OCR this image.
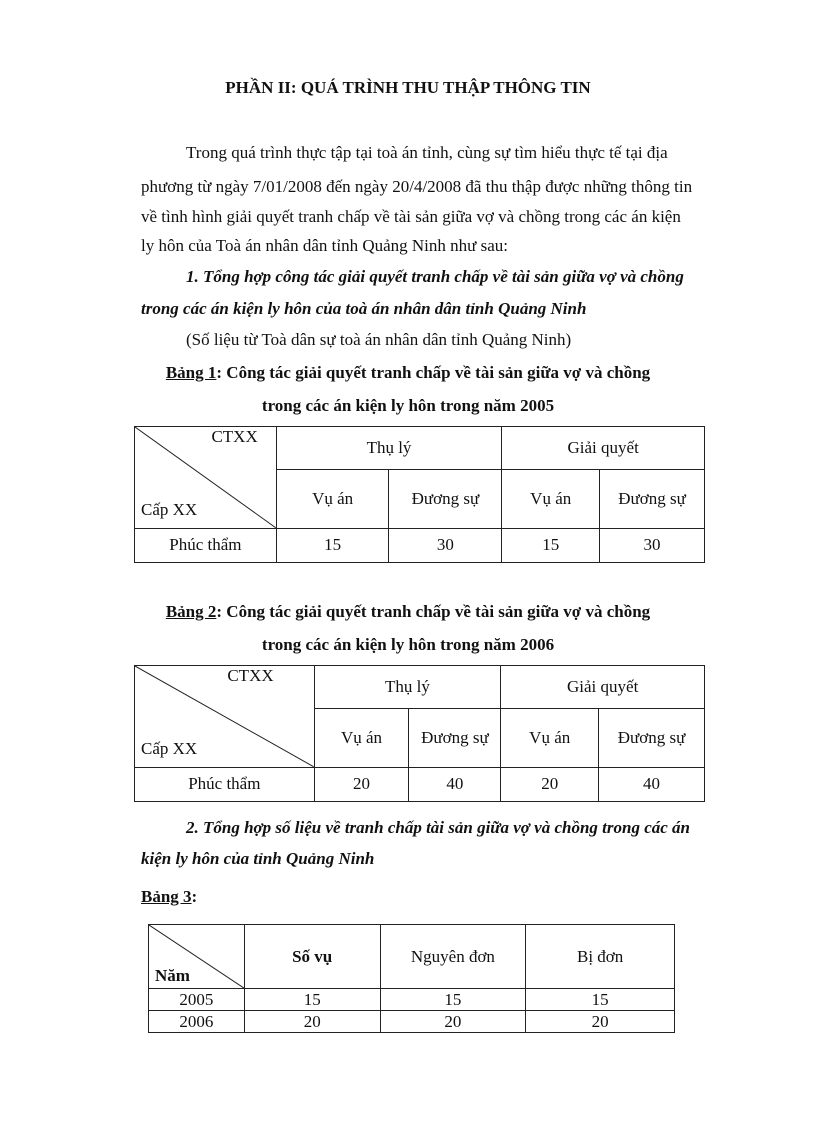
PHẦN II: QUÁ TRÌNH THU THẬP THÔNG TIN
Trong quá trình thực tập tại toà án tỉnh, cùng sự tìm hiểu thực tế tại địa
phương từ ngày 7/01/2008 đến ngày 20/4/2008 đã thu thập được những thông tin
về tình hình giải quyết tranh chấp về tài sản giữa vợ và chồng trong các án kiện
ly hôn của Toà án nhân dân tỉnh Quảng Ninh như sau:
1. Tổng hợp công tác giải quyết tranh chấp về tài sản giữa vợ và chồng
trong các án kiện ly hôn của toà án nhân dân tỉnh Quảng Ninh
(Số liệu từ Toà dân sự toà án nhân dân tỉnh Quảng Ninh)
Bảng 1: Công tác giải quyết tranh chấp về tài sản giữa vợ và chồng
trong các án kiện ly hôn trong năm 2005
CTXX
Cấp XX	Thụ lý		Giải quyết	
	Vụ án	Đương sự	Vụ án	Đương sự
Phúc thẩm	15	30	15	30
Bảng 2: Công tác giải quyết tranh chấp về tài sản giữa vợ và chồng
trong các án kiện ly hôn trong năm 2006
CTXX
Cấp XX	Thụ lý		Giải quyết	
	Vụ án	Đương sự	Vụ án	Đương sự
Phúc thẩm	20	40	20	40
2. Tổng hợp số liệu về tranh chấp tài sản giữa vợ và chồng trong các án
kiện ly hôn của tỉnh Quảng Ninh
Bảng 3:
Năm	Số vụ	Nguyên đơn	Bị đơn
2005	15	15	15
2006	20	20	20
